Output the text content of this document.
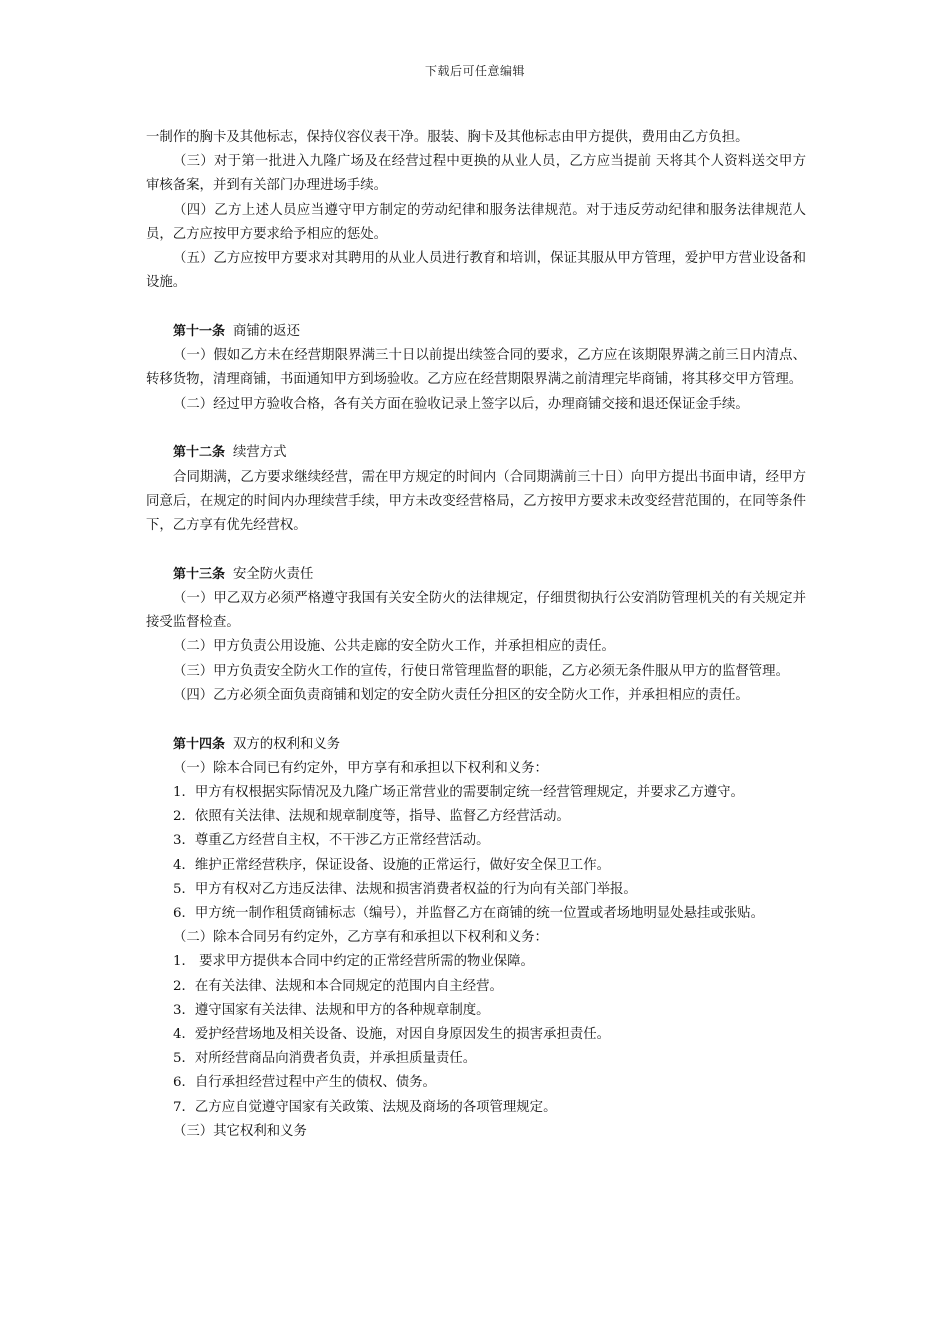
下载后可任意编辑

一制作的胸卡及其他标志，保持仪容仪表干净。服装、胸卡及其他标志由甲方提供，费用由乙方负担。

（三）对于第一批进入九隆广场及在经营过程中更换的从业人员，乙方应当提前 天将其个人资料送交甲方审核备案，并到有关部门办理进场手续。

（四）乙方上述人员应当遵守甲方制定的劳动纪律和服务法律规范。对于违反劳动纪律和服务法律规范人员，乙方应按甲方要求给予相应的惩处。

（五）乙方应按甲方要求对其聘用的从业人员进行教育和培训，保证其服从甲方管理，爱护甲方营业设备和设施。

第十一条 商铺的返还

（一）假如乙方未在经营期限界满三十日以前提出续签合同的要求，乙方应在该期限界满之前三日内清点、转移货物，清理商铺，书面通知甲方到场验收。乙方应在经营期限界满之前清理完毕商铺，将其移交甲方管理。

（二）经过甲方验收合格，各有关方面在验收记录上签字以后，办理商铺交接和退还保证金手续。

第十二条 续营方式

合同期满，乙方要求继续经营，需在甲方规定的时间内（合同期满前三十日）向甲方提出书面申请，经甲方同意后，在规定的时间内办理续营手续，甲方未改变经营格局，乙方按甲方要求未改变经营范围的，在同等条件下，乙方享有优先经营权。

第十三条 安全防火责任

（一）甲乙双方必须严格遵守我国有关安全防火的法律规定，仔细贯彻执行公安消防管理机关的有关规定并接受监督检查。

（二）甲方负责公用设施、公共走廊的安全防火工作，并承担相应的责任。

（三）甲方负责安全防火工作的宣传，行使日常管理监督的职能，乙方必须无条件服从甲方的监督管理。

（四）乙方必须全面负责商铺和划定的安全防火责任分担区的安全防火工作，并承担相应的责任。

第十四条 双方的权利和义务

（一）除本合同已有约定外，甲方享有和承担以下权利和义务：

1．甲方有权根据实际情况及九隆广场正常营业的需要制定统一经营管理规定，并要求乙方遵守。

2．依照有关法律、法规和规章制度等，指导、监督乙方经营活动。

3．尊重乙方经营自主权，不干涉乙方正常经营活动。

4．维护正常经营秩序，保证设备、设施的正常运行，做好安全保卫工作。

5．甲方有权对乙方违反法律、法规和损害消费者权益的行为向有关部门举报。

6．甲方统一制作租赁商铺标志（编号），并监督乙方在商铺的统一位置或者场地明显处悬挂或张贴。

（二）除本合同另有约定外，乙方享有和承担以下权利和义务：

1． 要求甲方提供本合同中约定的正常经营所需的物业保障。

2．在有关法律、法规和本合同规定的范围内自主经营。

3．遵守国家有关法律、法规和甲方的各种规章制度。

4．爱护经营场地及相关设备、设施，对因自身原因发生的损害承担责任。

5．对所经营商品向消费者负责，并承担质量责任。

6．自行承担经营过程中产生的债权、债务。

7．乙方应自觉遵守国家有关政策、法规及商场的各项管理规定。

（三）其它权利和义务
